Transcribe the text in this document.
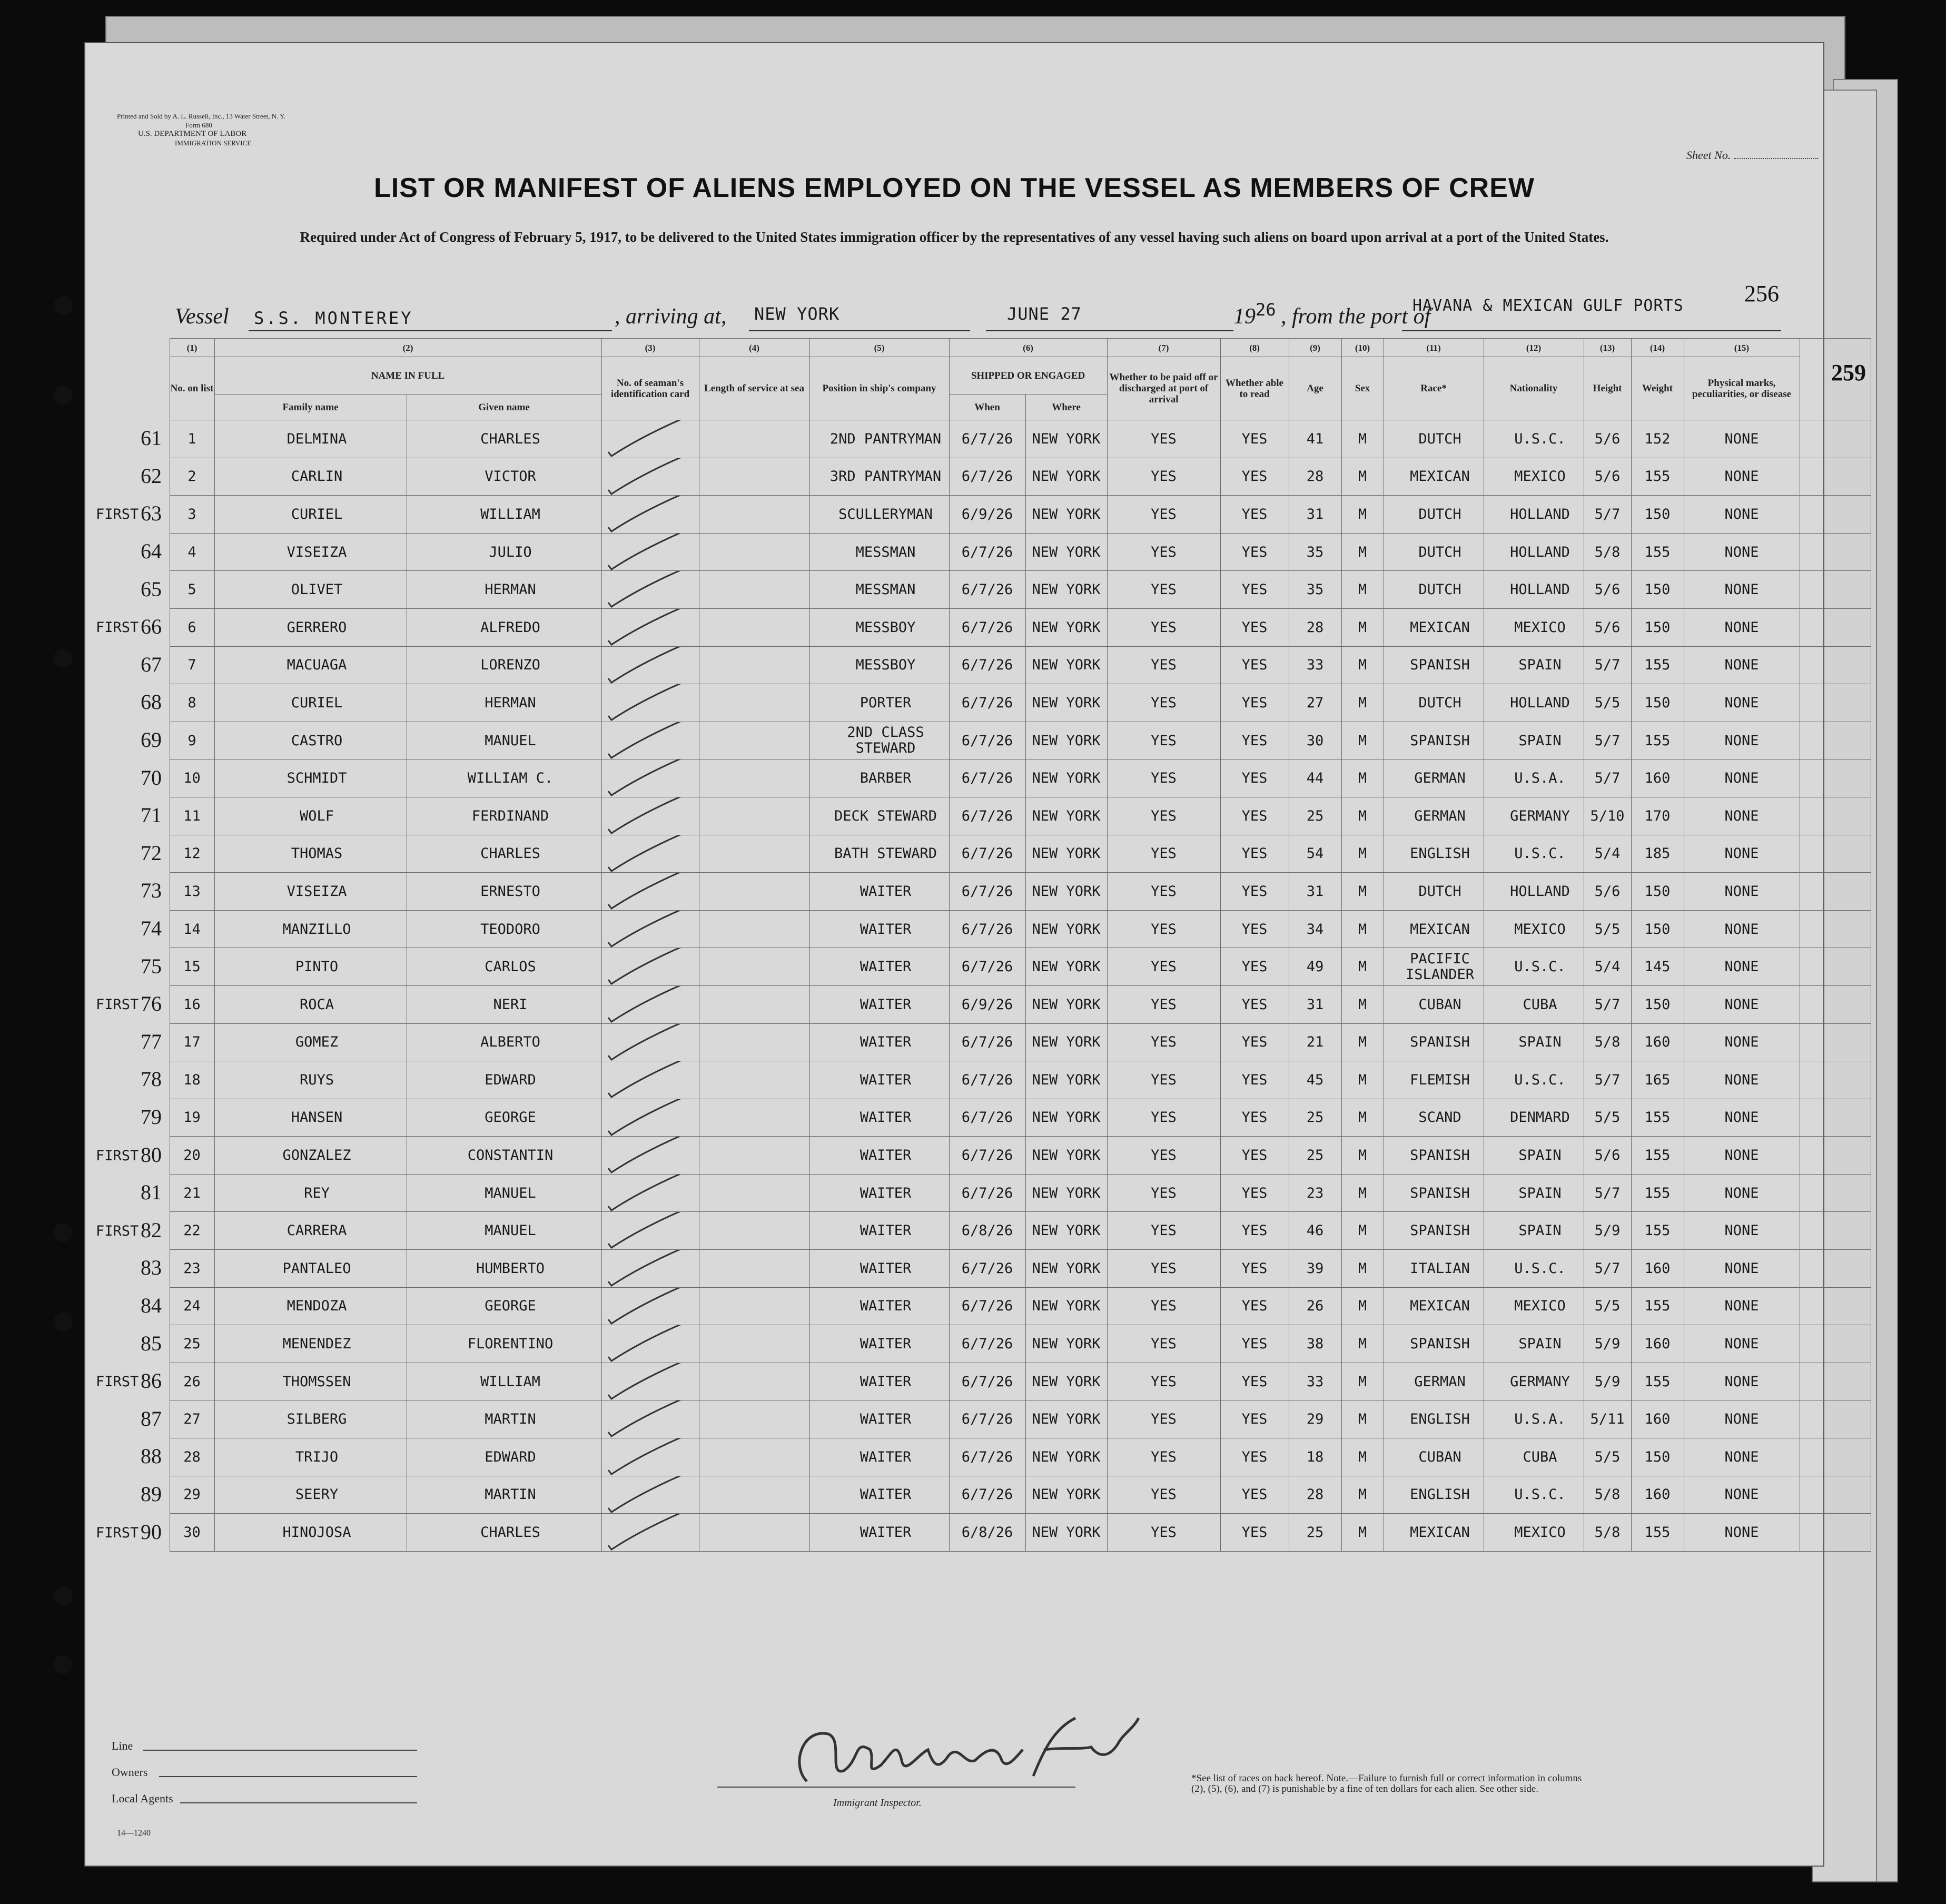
Printed and Sold by A. L. Russell, Inc., 13 Water Street, N. Y.
Form 680
U.S. DEPARTMENT OF LABOR
IMMIGRATION SERVICE
Sheet No.
LIST OR MANIFEST OF ALIENS EMPLOYED ON THE VESSEL AS MEMBERS OF CREW
Required under Act of Congress of February 5, 1917, to be delivered to the United States immigration officer by the representatives of any vessel having such aliens on board upon arrival at a port of the United States.
256
259
Vessel S.S. MONTEREY	, arriving at, NEW YORK	JUNE 27	19 26 , from the port of
HAVANA & MEXICAN GULF PORTS
	(1)	(2)		(3)	(4)	(5)	(6)		(7)	(8)	(9)	(10)	(11)	(12)	(13)	(14)	(15)	
	No. on list	NAME IN FULL		No. of seaman's identification card	Length of service at sea	Position in ship's company	SHIPPED OR ENGAGED		Whether to be paid off or discharged at port of arrival	Whether able to read	Age	Sex	Race*	Nationality	Height	Weight	Physical marks, peculiarities, or disease	
		Family name	Given name				When	Where										

61	1	DELMINA	CHARLES			2ND PANTRYMAN	6/7/26	NEW YORK	YES	YES	41	M	DUTCH	U.S.C.	5/6	152	NONE	

62	2	CARLIN	VICTOR			3RD PANTRYMAN	6/7/26	NEW YORK	YES	YES	28	M	MEXICAN	MEXICO	5/6	155	NONE	

FIRST 63	3	CURIEL	WILLIAM			SCULLERYMAN	6/9/26	NEW YORK	YES	YES	31	M	DUTCH	HOLLAND	5/7	150	NONE	

64	4	VISEIZA	JULIO			MESSMAN	6/7/26	NEW YORK	YES	YES	35	M	DUTCH	HOLLAND	5/8	155	NONE	

65	5	OLIVET	HERMAN			MESSMAN	6/7/26	NEW YORK	YES	YES	35	M	DUTCH	HOLLAND	5/6	150	NONE	

FIRST 66	6	GERRERO	ALFREDO			MESSBOY	6/7/26	NEW YORK	YES	YES	28	M	MEXICAN	MEXICO	5/6	150	NONE	

67	7	MACUAGA	LORENZO			MESSBOY	6/7/26	NEW YORK	YES	YES	33	M	SPANISH	SPAIN	5/7	155	NONE	

68	8	CURIEL	HERMAN			PORTER	6/7/26	NEW YORK	YES	YES	27	M	DUTCH	HOLLAND	5/5	150	NONE	

69	9	CASTRO	MANUEL			2ND CLASS STEWARD	6/7/26	NEW YORK	YES	YES	30	M	SPANISH	SPAIN	5/7	155	NONE	

70	10	SCHMIDT	WILLIAM C.			BARBER	6/7/26	NEW YORK	YES	YES	44	M	GERMAN	U.S.A.	5/7	160	NONE	

71	11	WOLF	FERDINAND			DECK STEWARD	6/7/26	NEW YORK	YES	YES	25	M	GERMAN	GERMANY	5/10	170	NONE	

72	12	THOMAS	CHARLES			BATH STEWARD	6/7/26	NEW YORK	YES	YES	54	M	ENGLISH	U.S.C.	5/4	185	NONE	

73	13	VISEIZA	ERNESTO			WAITER	6/7/26	NEW YORK	YES	YES	31	M	DUTCH	HOLLAND	5/6	150	NONE	

74	14	MANZILLO	TEODORO			WAITER	6/7/26	NEW YORK	YES	YES	34	M	MEXICAN	MEXICO	5/5	150	NONE	

75	15	PINTO	CARLOS			WAITER	6/7/26	NEW YORK	YES	YES	49	M	PACIFIC ISLANDER	U.S.C.	5/4	145	NONE	

FIRST 76	16	ROCA	NERI			WAITER	6/9/26	NEW YORK	YES	YES	31	M	CUBAN	CUBA	5/7	150	NONE	

77	17	GOMEZ	ALBERTO			WAITER	6/7/26	NEW YORK	YES	YES	21	M	SPANISH	SPAIN	5/8	160	NONE	

78	18	RUYS	EDWARD			WAITER	6/7/26	NEW YORK	YES	YES	45	M	FLEMISH	U.S.C.	5/7	165	NONE	

79	19	HANSEN	GEORGE			WAITER	6/7/26	NEW YORK	YES	YES	25	M	SCAND	DENMARD	5/5	155	NONE	

FIRST 80	20	GONZALEZ	CONSTANTIN			WAITER	6/7/26	NEW YORK	YES	YES	25	M	SPANISH	SPAIN	5/6	155	NONE	

81	21	REY	MANUEL			WAITER	6/7/26	NEW YORK	YES	YES	23	M	SPANISH	SPAIN	5/7	155	NONE	

FIRST 82	22	CARRERA	MANUEL			WAITER	6/8/26	NEW YORK	YES	YES	46	M	SPANISH	SPAIN	5/9	155	NONE	

83	23	PANTALEO	HUMBERTO			WAITER	6/7/26	NEW YORK	YES	YES	39	M	ITALIAN	U.S.C.	5/7	160	NONE	

84	24	MENDOZA	GEORGE			WAITER	6/7/26	NEW YORK	YES	YES	26	M	MEXICAN	MEXICO	5/5	155	NONE	

85	25	MENENDEZ	FLORENTINO			WAITER	6/7/26	NEW YORK	YES	YES	38	M	SPANISH	SPAIN	5/9	160	NONE	

FIRST 86	26	THOMSSEN	WILLIAM			WAITER	6/7/26	NEW YORK	YES	YES	33	M	GERMAN	GERMANY	5/9	155	NONE	

87	27	SILBERG	MARTIN			WAITER	6/7/26	NEW YORK	YES	YES	29	M	ENGLISH	U.S.A.	5/11	160	NONE	

88	28	TRIJO	EDWARD			WAITER	6/7/26	NEW YORK	YES	YES	18	M	CUBAN	CUBA	5/5	150	NONE	

89	29	SEERY	MARTIN			WAITER	6/7/26	NEW YORK	YES	YES	28	M	ENGLISH	U.S.C.	5/8	160	NONE	

FIRST 90	30	HINOJOSA	CHARLES			WAITER	6/8/26	NEW YORK	YES	YES	25	M	MEXICAN	MEXICO	5/8	155	NONE	
Line
Owners
Local Agents	Immigrant Inspector.
*See list of races on back hereof. Note.—Failure to furnish full or correct information in columns (2), (5), (6), and (7) is punishable by a fine of ten dollars for each alien. See other side.
14—1240
